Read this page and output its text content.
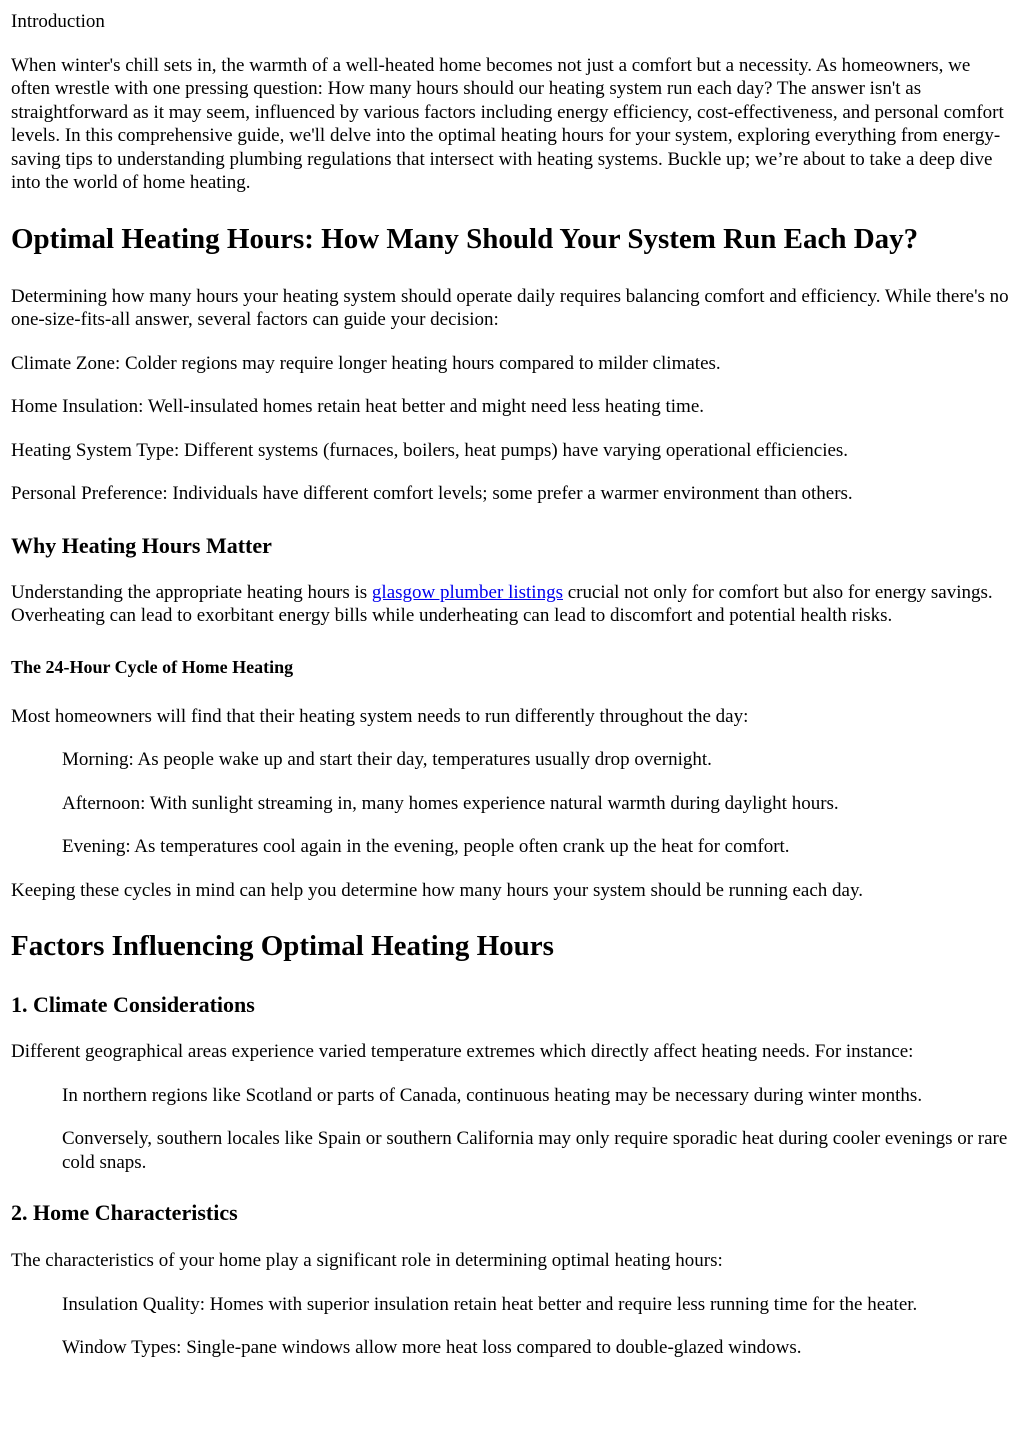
Introduction

When winter's chill sets in, the warmth of a well-heated home becomes not just a comfort but a necessity. As homeowners, we often wrestle with one pressing question: How many hours should our heating system run each day? The answer isn't as straightforward as it may seem, influenced by various factors including energy efficiency, cost-effectiveness, and personal comfort levels. In this comprehensive guide, we'll delve into the optimal heating hours for your system, exploring everything from energy-saving tips to understanding plumbing regulations that intersect with heating systems. Buckle up; we’re about to take a deep dive into the world of home heating.

Optimal Heating Hours: How Many Should Your System Run Each Day?

Determining how many hours your heating system should operate daily requires balancing comfort and efficiency. While there's no one-size-fits-all answer, several factors can guide your decision:

Climate Zone: Colder regions may require longer heating hours compared to milder climates.

Home Insulation: Well-insulated homes retain heat better and might need less heating time.

Heating System Type: Different systems (furnaces, boilers, heat pumps) have varying operational efficiencies.

Personal Preference: Individuals have different comfort levels; some prefer a warmer environment than others.

Why Heating Hours Matter

Understanding the appropriate heating hours is glasgow plumber listings crucial not only for comfort but also for energy savings. Overheating can lead to exorbitant energy bills while underheating can lead to discomfort and potential health risks.

The 24-Hour Cycle of Home Heating

Most homeowners will find that their heating system needs to run differently throughout the day:

Morning: As people wake up and start their day, temperatures usually drop overnight.

Afternoon: With sunlight streaming in, many homes experience natural warmth during daylight hours.

Evening: As temperatures cool again in the evening, people often crank up the heat for comfort.

Keeping these cycles in mind can help you determine how many hours your system should be running each day.

Factors Influencing Optimal Heating Hours
1. Climate Considerations

Different geographical areas experience varied temperature extremes which directly affect heating needs. For instance:

In northern regions like Scotland or parts of Canada, continuous heating may be necessary during winter months.

Conversely, southern locales like Spain or southern California may only require sporadic heat during cooler evenings or rare cold snaps.

2. Home Characteristics

The characteristics of your home play a significant role in determining optimal heating hours:

Insulation Quality: Homes with superior insulation retain heat better and require less running time for the heater.

Window Types: Single-pane windows allow more heat loss compared to double-glazed windows.
